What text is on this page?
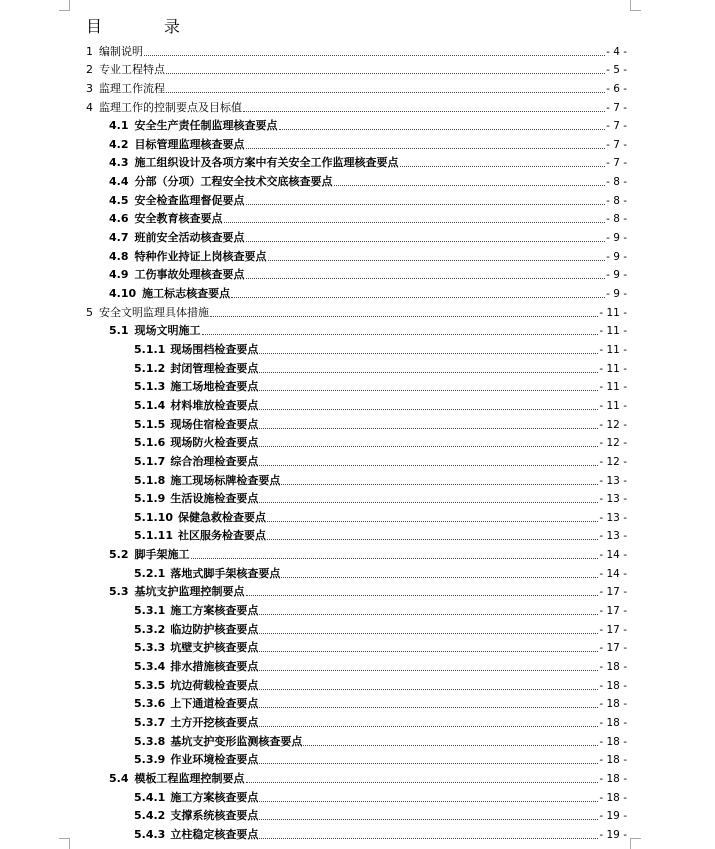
目	录
1 编制说明	- 4 -
2 专业工程特点	- 5 -
3 监理工作流程	- 6 -
4 监理工作的控制要点及目标值	- 7 -
4.1 安全生产责任制监理核查要点	- 7 -
4.2 目标管理监理核查要点	- 7 -
4.3 施工组织设计及各项方案中有关安全工作监理核查要点	- 7 -
4.4 分部（分项）工程安全技术交底核查要点	- 8 -
4.5 安全检查监理督促要点	- 8 -
4.6 安全教育核查要点	- 8 -
4.7 班前安全活动核查要点	- 9 -
4.8 特种作业持证上岗核查要点	- 9 -
4.9 工伤事故处理核查要点	- 9 -
4.10 施工标志核查要点	- 9 -
5 安全文明监理具体措施	- 11 -
5.1 现场文明施工	- 11 -
5.1.1 现场围档检查要点	- 11 -
5.1.2 封闭管理检查要点	- 11 -
5.1.3 施工场地检查要点	- 11 -
5.1.4 材料堆放检查要点	- 11 -
5.1.5 现场住宿检查要点	- 12 -
5.1.6 现场防火检查要点	- 12 -
5.1.7 综合治理检查要点	- 12 -
5.1.8 施工现场标牌检查要点	- 13 -
5.1.9 生活设施检查要点	- 13 -
5.1.10 保健急救检查要点	- 13 -
5.1.11 社区服务检查要点	- 13 -
5.2 脚手架施工	- 14 -
5.2.1 落地式脚手架核查要点	- 14 -
5.3 基坑支护监理控制要点	- 17 -
5.3.1 施工方案核查要点	- 17 -
5.3.2 临边防护核查要点	- 17 -
5.3.3 坑壁支护核查要点	- 17 -
5.3.4 排水措施核查要点	- 18 -
5.3.5 坑边荷载检查要点	- 18 -
5.3.6 上下通道检查要点	- 18 -
5.3.7 土方开挖核查要点	- 18 -
5.3.8 基坑支护变形监测核查要点	- 18 -
5.3.9 作业环境检查要点	- 18 -
5.4 模板工程监理控制要点	- 18 -
5.4.1 施工方案核查要点	- 18 -
5.4.2 支撑系统核查要点	- 19 -
5.4.3 立柱稳定核查要点	- 19 -
